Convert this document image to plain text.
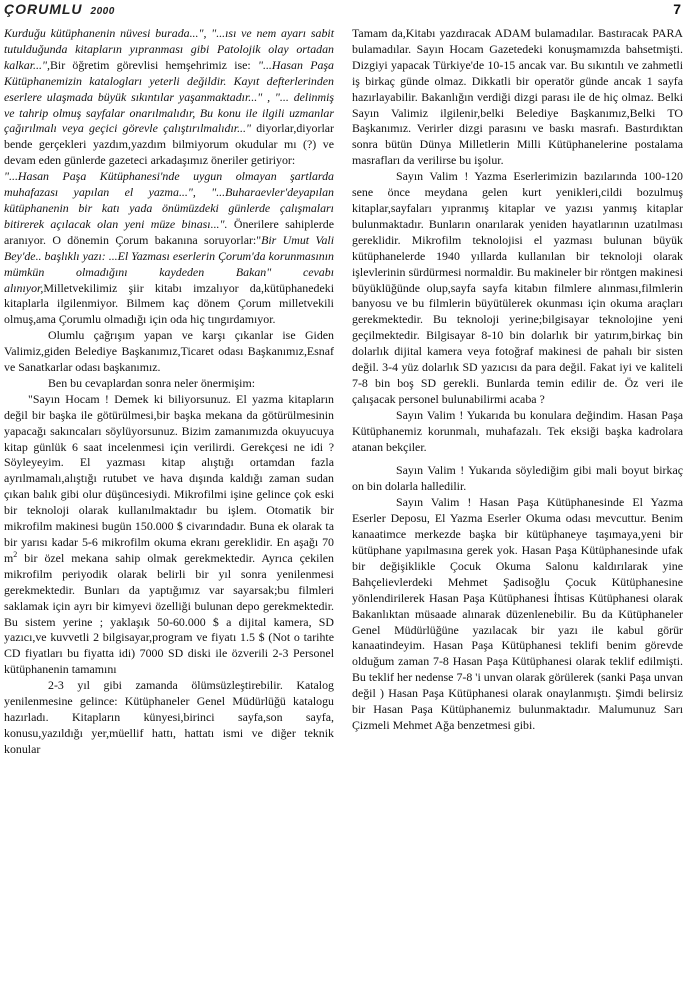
ÇORUMLU 2000	7

Kurduğu kütüphanenin nüvesi burada...", "...ısı ve nem ayarı sabit tutulduğunda kitapların yıpranması gibi Patolojik olay ortadan kalkar...",Bir öğretim görevlisi hemşehrimiz ise: "...Hasan Paşa Kütüphanemizin katalogları yeterli değildir. Kayıt defterlerinden eserlere ulaşmada büyük sıkıntılar yaşanmaktadır..." , "... delinmiş ve tahrip olmuş sayfalar onarılmalıdır, Bu konu ile ilgili uzmanlar çağırılmalı veya geçici görevle çalıştırılmalıdır..." diyorlar,diyorlar bende gerçekleri yazdım,yazdım bilmiyorum okudular mı (?) ve devam eden günlerde gazeteci arkadaşımız öneriler getiriyor:

"...Hasan Paşa Kütüphanesi'nde uygun olmayan şartlarda muhafazası yapılan el yazma...", "...Buharaevler'deyapılan kütüphanenin bir katı yada önümüzdeki günlerde çalışmaları bitirerek açılacak olan yeni müze binası...". Önerilere sahiplerde aranıyor. O dönemin Çorum bakanına soruyorlar:"Bir Umut Vali Bey'de.. başlıklı yazı: ...El Yazması eserlerin Çorum'da korunmasının mümkün olmadığını kaydeden Bakan" cevabı alınıyor,Milletvekilimiz şiir kitabı imzalıyor da,kütüphanedeki kitaplarla ilgilenmiyor. Bilmem kaç dönem Çorum milletvekili olmuş,ama Çorumlu olmadığı için oda hiç tıngırdamıyor.

Olumlu çağrışım yapan ve karşı çıkanlar ise Giden Valimiz,giden Belediye Başkanımız,Ticaret odası Başkanımız,Esnaf ve Sanatkarlar odası başkanımız.

Ben bu cevaplardan sonra neler önermişim:

"Sayın Hocam ! Demek ki biliyorsunuz. El yazma kitapların değil bir başka ile götürülmesi,bir başka mekana da götürülmesinin yapacağı sakıncaları söylüyorsunuz. Bizim zamanımızda okuyucuya kitap günlük 6 saat incelenmesi için verilirdi. Gerekçesi ne idi ? Söyleyeyim. El yazması kitap alıştığı ortamdan fazla ayrılmamalı,alıştığı rutubet ve hava dışında kaldığı zaman sudan çıkan balık gibi olur düşüncesiydi. Mikrofilmi işine gelince çok eski bir teknoloji olarak kullanılmaktadır bu işlem. Otomatik bir mikrofilm makinesi bugün 150.000 $ civarındadır. Buna ek olarak ta bir yarısı kadar 5-6 mikrofilm okuma ekranı gereklidir. En aşağı 70 $m^2$ bir özel mekana sahip olmak gerekmektedir. Ayrıca çekilen mikrofilm periyodik olarak belirli bir yıl sonra yenilenmesi gerekmektedir. Bunları da yaptığımız var sayarsak;bu filmleri saklamak için ayrı bir kimyevi özelliği bulunan depo gerekmektedir. Bu sistem yerine ; yaklaşık 50-60.000 $ a dijital kamera, SD yazıcı,ve kuvvetli 2 bilgisayar,program ve fiyatı 1.5 $ (Not o tarihte CD fiyatları bu fiyatta idi) 7000 SD diski ile özverili 2-3 Personel kütüphanenin tamamını

2-3 yıl gibi zamanda ölümsüzleştirebilir. Katalog yenilenmesine gelince: Kütüphaneler Genel Müdürlüğü katalogu hazırladı. Kitapların künyesi,birinci sayfa,son sayfa, konusu,yazıldığı yer,müellif hattı, hattatı ismi ve diğer teknik konular

Tamam da,Kitabı yazdıracak ADAM bulamadılar. Bastıracak PARA bulamadılar. Sayın Hocam Gazetedeki konuşmamızda bahsetmişti. Dizgiyi yapacak Türkiye'de 10-15 ancak var. Bu sıkıntılı ve zahmetli iş birkaç günde olmaz. Dikkatli bir operatör günde ancak 1 sayfa hazırlayabilir. Bakanlığın verdiği dizgi parası ile de hiç olmaz. Belki Sayın Valimiz ilgilenir,belki Belediye Başkanımız,Belki TO Başkanımız. Verirler dizgi parasını ve baskı masrafı. Bastırdıktan sonra bütün Dünya Milletlerin Milli Kütüphanelerine postalama masrafları da verilirse bu işolur.

Sayın Valim ! Yazma Eserlerimizin bazılarında 100-120 sene önce meydana gelen kurt yenikleri,cildi bozulmuş kitaplar,sayfaları yıpranmış kitaplar ve yazısı yanmış kitaplar bulunmaktadır. Bunların onarılarak yeniden hayatlarının uzatılması gereklidir. Mikrofilm teknolojisi el yazması bulunan büyük kütüphanelerde 1940 yıllarda kullanılan bir teknoloji olarak işlevlerinin sürdürmesi normaldir. Bu makineler bir röntgen makinesi büyüklüğünde olup,sayfa sayfa kitabın filmlere alınması,filmlerin banyosu ve bu filmlerin büyütülerek okunması için okuma araçları gerekmektedir. Bu teknoloji yerine;bilgisayar teknolojine yeni geçilmektedir. Bilgisayar 8-10 bin dolarlık bir yatırım,birkaç bin dolarlık dijital kamera veya fotoğraf makinesi de pahalı bir sisten değil. 3-4 yüz dolarlık SD yazıcısı da para değil. Fakat iyi ve kaliteli 7-8 bin boş SD gerekli. Bunlarda temin edilir de. Öz veri ile çalışacak personel bulunabilirmi acaba ?

Sayın Valim ! Yukarıda bu konulara değindim. Hasan Paşa Kütüphanemiz korunmalı, muhafazalı. Tek eksiği başka kadrolara atanan bekçiler.

Sayın Valim ! Yukarıda söylediğim gibi mali boyut birkaç on bin dolarla halledilir.

Sayın Valim ! Hasan Paşa Kütüphanesinde El Yazma Eserler Deposu, El Yazma Eserler Okuma odası mevcuttur. Benim kanaatimce merkezde başka bir kütüphaneye taşımaya,yeni bir kütüphane yapılmasına gerek yok. Hasan Paşa Kütüphanesinde ufak bir değişiklikle Çocuk Okuma Salonu kaldırılarak yine Bahçelievlerdeki Mehmet Şadisoğlu Çocuk Kütüphanesine yönlendirilerek Hasan Paşa Kütüphanesi İhtisas Kütüphanesi olarak Bakanlıktan müsaade alınarak düzenlenebilir. Bu da Kütüphaneler Genel Müdürlüğüne yazılacak bir yazı ile kabul görür kanaatindeyim. Hasan Paşa Kütüphanesi teklifi benim görevde olduğum zaman 7-8 Hasan Paşa Kütüphanesi olarak teklif edilmişti. Bu teklif her nedense 7-8 'i unvan olarak görülerek (sanki Paşa unvan değil ) Hasan Paşa Kütüphanesi olarak onaylanmıştı. Şimdi belirsiz bir Hasan Paşa Kütüphanemiz bulunmaktadır. Malumunuz Sarı Çizmeli Mehmet Ağa benzetmesi gibi.
